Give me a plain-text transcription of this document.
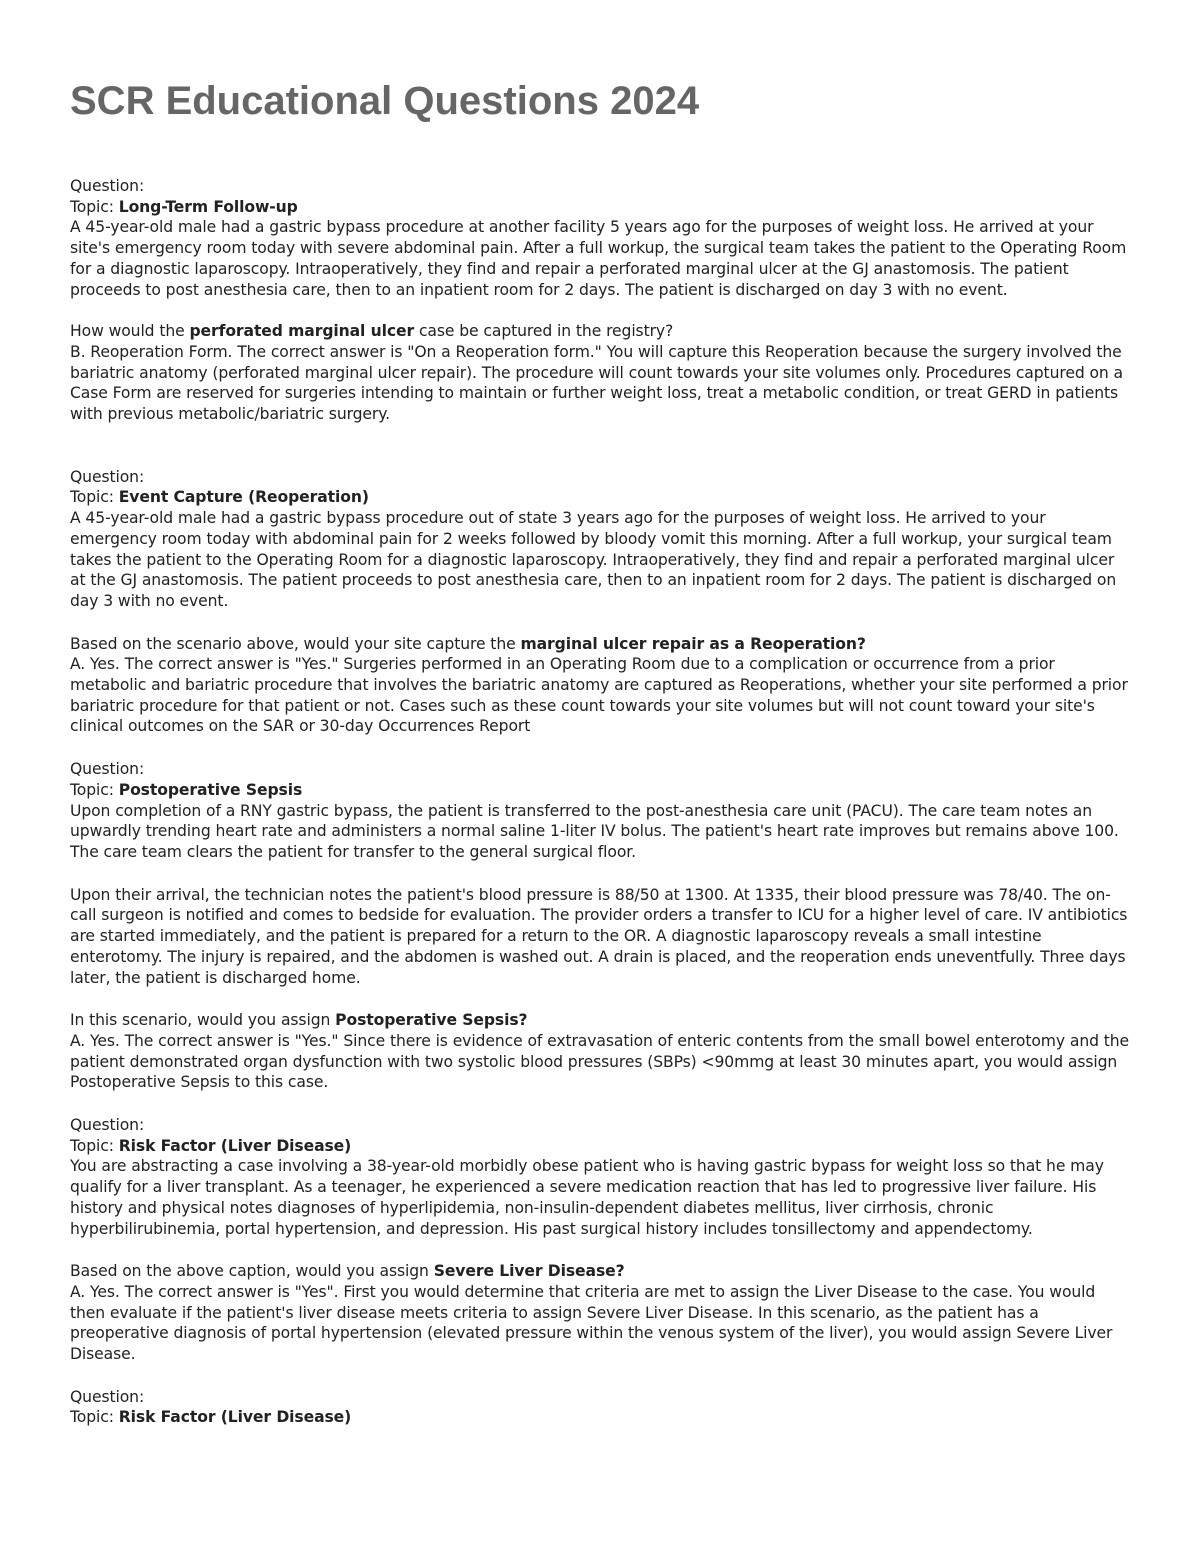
SCR Educational Questions 2024

Question:

Topic: Long-Term Follow-up

A 45-year-old male had a gastric bypass procedure at another facility 5 years ago for the purposes of weight loss. He arrived at your site's emergency room today with severe abdominal pain. After a full workup, the surgical team takes the patient to the Operating Room for a diagnostic laparoscopy. Intraoperatively, they find and repair a perforated marginal ulcer at the GJ anastomosis. The patient proceeds to post anesthesia care, then to an inpatient room for 2 days. The patient is discharged on day 3 with no event.

How would the perforated marginal ulcer case be captured in the registry?

B. Reoperation Form. The correct answer is "On a Reoperation form." You will capture this Reoperation because the surgery involved the bariatric anatomy (perforated marginal ulcer repair). The procedure will count towards your site volumes only. Procedures captured on a Case Form are reserved for surgeries intending to maintain or further weight loss, treat a metabolic condition, or treat GERD in patients with previous metabolic/bariatric surgery.

Question:

Topic: Event Capture (Reoperation)

A 45-year-old male had a gastric bypass procedure out of state 3 years ago for the purposes of weight loss. He arrived to your emergency room today with abdominal pain for 2 weeks followed by bloody vomit this morning. After a full workup, your surgical team takes the patient to the Operating Room for a diagnostic laparoscopy. Intraoperatively, they find and repair a perforated marginal ulcer at the GJ anastomosis. The patient proceeds to post anesthesia care, then to an inpatient room for 2 days. The patient is discharged on day 3 with no event.

Based on the scenario above, would your site capture the marginal ulcer repair as a Reoperation?

A. Yes. The correct answer is "Yes." Surgeries performed in an Operating Room due to a complication or occurrence from a prior metabolic and bariatric procedure that involves the bariatric anatomy are captured as Reoperations, whether your site performed a prior bariatric procedure for that patient or not. Cases such as these count towards your site volumes but will not count toward your site's clinical outcomes on the SAR or 30-day Occurrences Report

Question:

Topic: Postoperative Sepsis

Upon completion of a RNY gastric bypass, the patient is transferred to the post-anesthesia care unit (PACU). The care team notes an upwardly trending heart rate and administers a normal saline 1-liter IV bolus. The patient's heart rate improves but remains above 100. The care team clears the patient for transfer to the general surgical floor.

Upon their arrival, the technician notes the patient's blood pressure is 88/50 at 1300. At 1335, their blood pressure was 78/40. The on-call surgeon is notified and comes to bedside for evaluation. The provider orders a transfer to ICU for a higher level of care. IV antibiotics are started immediately, and the patient is prepared for a return to the OR. A diagnostic laparoscopy reveals a small intestine enterotomy. The injury is repaired, and the abdomen is washed out. A drain is placed, and the reoperation ends uneventfully. Three days later, the patient is discharged home.

In this scenario, would you assign Postoperative Sepsis?

A. Yes. The correct answer is "Yes." Since there is evidence of extravasation of enteric contents from the small bowel enterotomy and the patient demonstrated organ dysfunction with two systolic blood pressures (SBPs) <90mmg at least 30 minutes apart, you would assign Postoperative Sepsis to this case.

Question:

Topic: Risk Factor (Liver Disease)

You are abstracting a case involving a 38-year-old morbidly obese patient who is having gastric bypass for weight loss so that he may qualify for a liver transplant. As a teenager, he experienced a severe medication reaction that has led to progressive liver failure. His history and physical notes diagnoses of hyperlipidemia, non-insulin-dependent diabetes mellitus, liver cirrhosis, chronic hyperbilirubinemia, portal hypertension, and depression. His past surgical history includes tonsillectomy and appendectomy.

Based on the above caption, would you assign Severe Liver Disease?

A. Yes. The correct answer is "Yes". First you would determine that criteria are met to assign the Liver Disease to the case. You would then evaluate if the patient's liver disease meets criteria to assign Severe Liver Disease. In this scenario, as the patient has a preoperative diagnosis of portal hypertension (elevated pressure within the venous system of the liver), you would assign Severe Liver Disease.

Question:

Topic: Risk Factor (Liver Disease)
